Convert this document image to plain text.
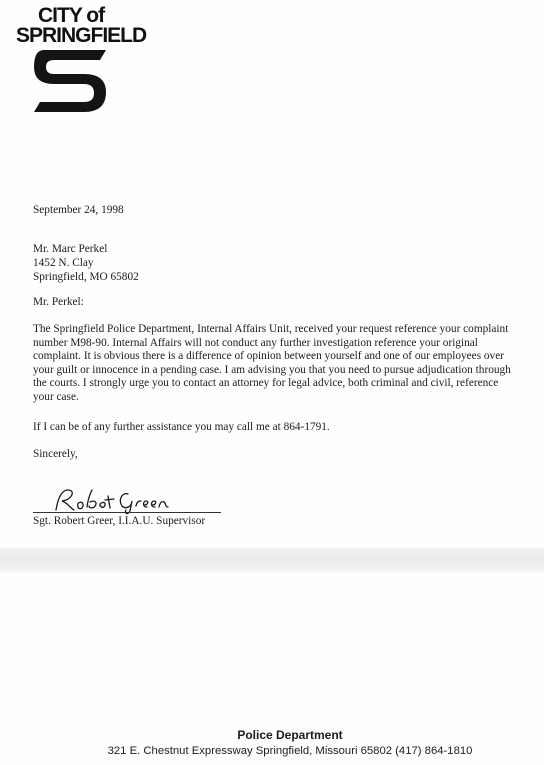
CITY of
SPRINGFIELD
September 24, 1998
Mr. Marc Perkel
1452 N. Clay
Springfield, MO 65802
Mr. Perkel:
The Springfield Police Department, Internal Affairs Unit, received your request reference your complaint number M98-90. Internal Affairs will not conduct any further investigation reference your original complaint. It is obvious there is a difference of opinion between yourself and one of our employees over your guilt or innocence in a pending case. I am advising you that you need to pursue adjudication through the courts. I strongly urge you to contact an attorney for legal advice, both criminal and civil, reference your case.
If I can be of any further assistance you may call me at 864-1791.
Sincerely,
Sgt. Robert Greer, I.I.A.U. Supervisor
Police Department
321 E. Chestnut Expressway Springfield, Missouri 65802 (417) 864-1810
